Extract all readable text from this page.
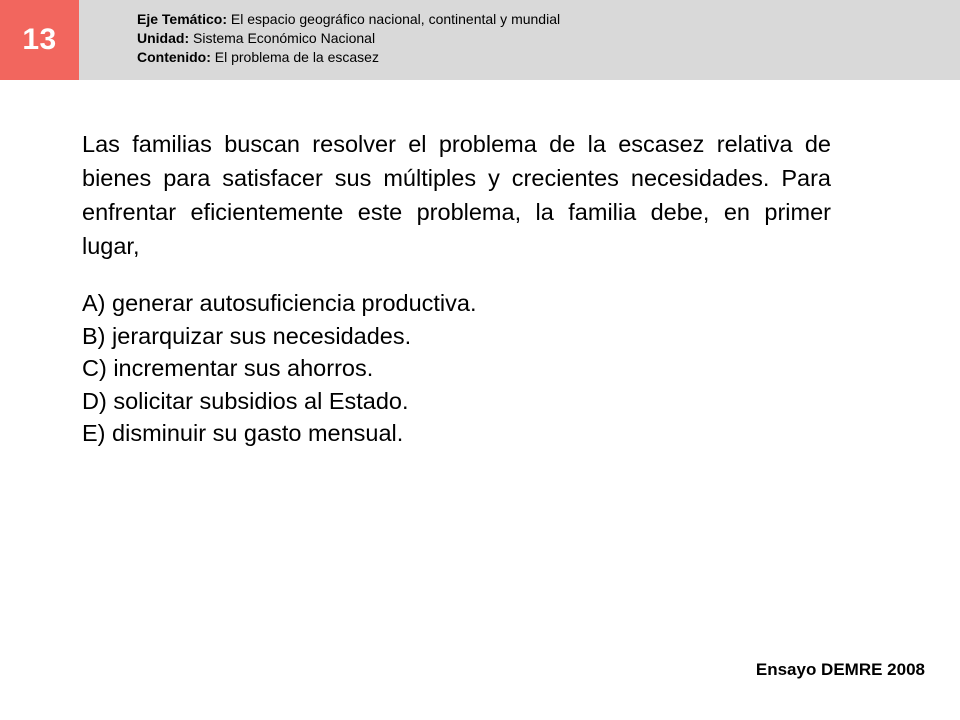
13
Eje Temático: El espacio geográfico nacional, continental y mundial
Unidad: Sistema Económico Nacional
Contenido: El problema de la escasez
Las familias buscan resolver el problema de la escasez relativa de bienes para satisfacer sus múltiples y crecientes necesidades. Para enfrentar eficientemente este problema, la familia debe, en primer lugar,
A) generar autosuficiencia productiva.
B) jerarquizar sus necesidades.
C) incrementar sus ahorros.
D) solicitar subsidios al Estado.
E) disminuir su gasto mensual.
Ensayo DEMRE 2008
